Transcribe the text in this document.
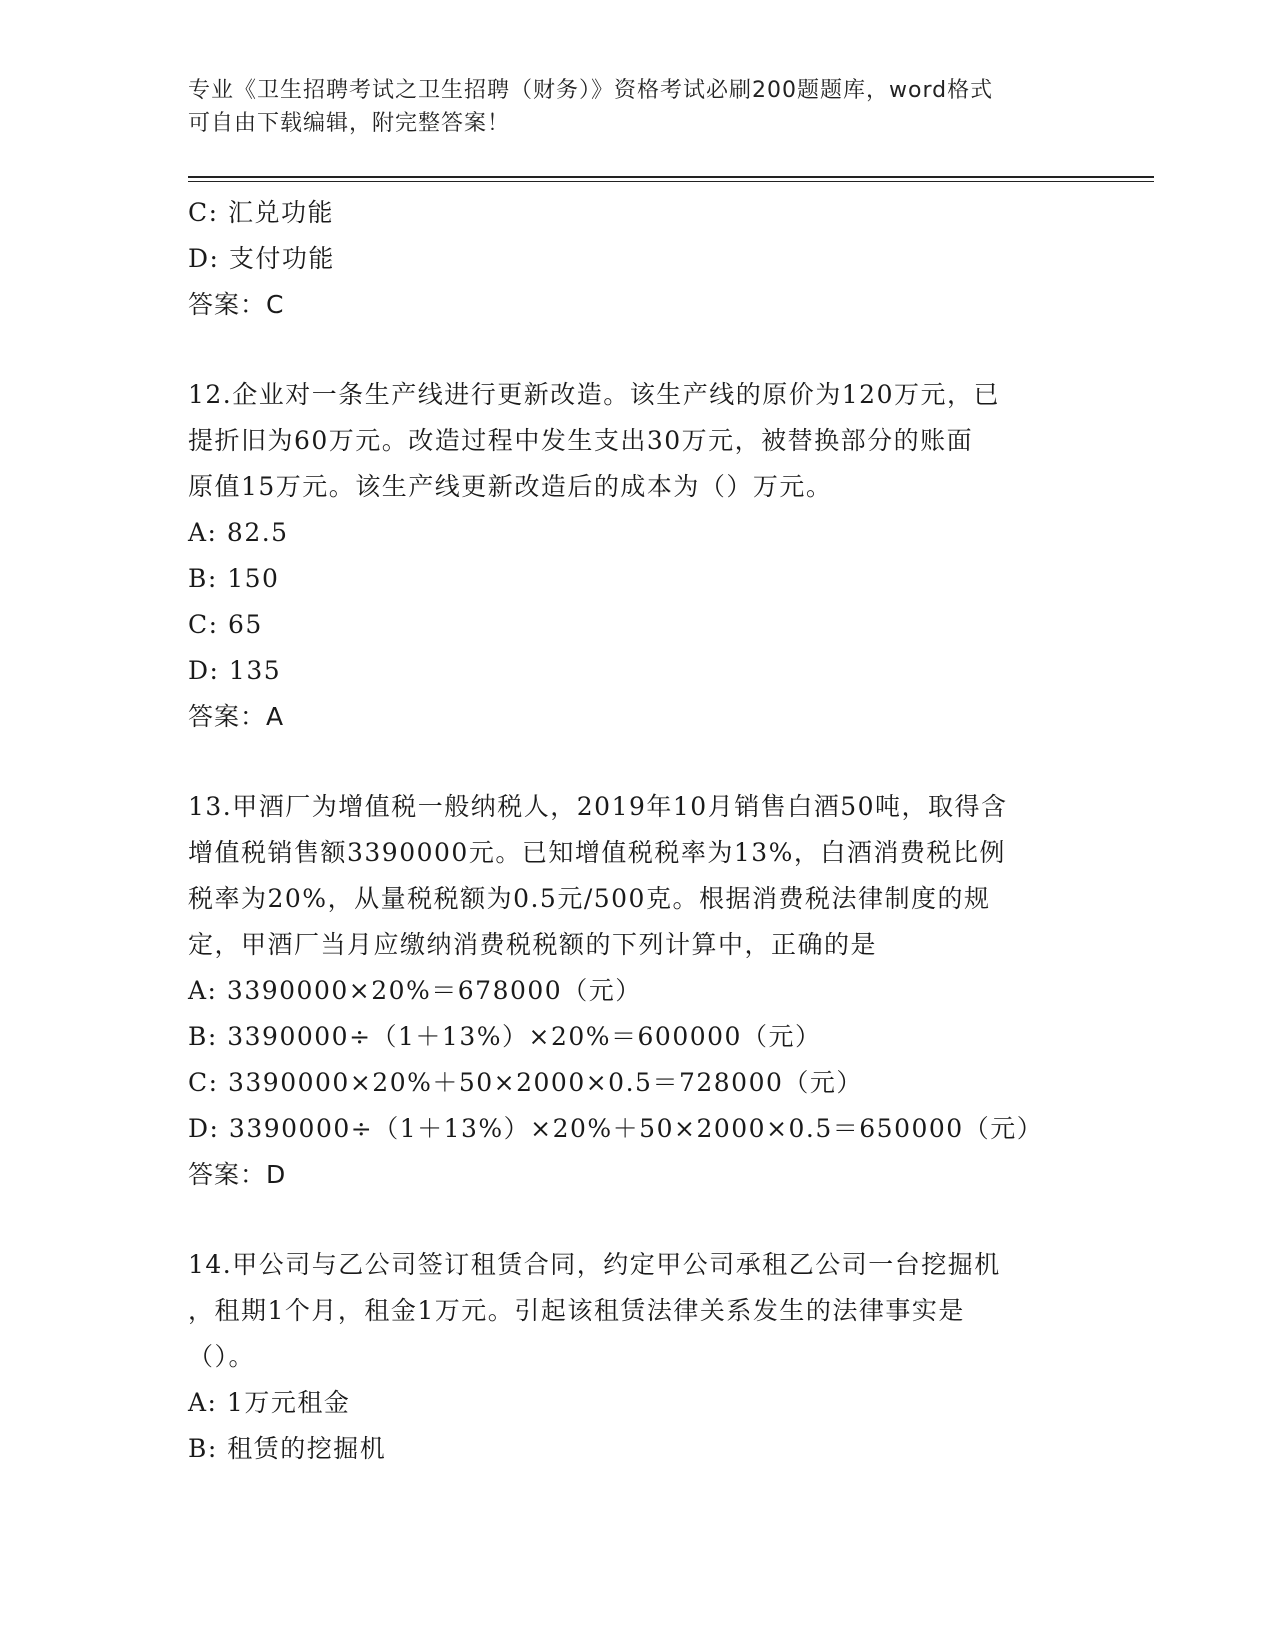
专业《卫生招聘考试之卫生招聘（财务）》资格考试必刷200题题库，word格式
可自由下载编辑，附完整答案！
C: 汇兑功能
D: 支付功能
答案：C
12.企业对一条生产线进行更新改造。该生产线的原价为120万元，已
提折旧为60万元。改造过程中发生支出30万元，被替换部分的账面
原值15万元。该生产线更新改造后的成本为（）万元。
A: 82.5
B: 150
C: 65
D: 135
答案：A
13.甲酒厂为增值税一般纳税人，2019年10月销售白酒50吨，取得含
增值税销售额3390000元。已知增值税税率为13%，白酒消费税比例
税率为20%，从量税税额为0.5元/500克。根据消费税法律制度的规
定，甲酒厂当月应缴纳消费税税额的下列计算中，正确的是
A: 3390000×20%＝678000（元）
B: 3390000÷（1＋13%）×20%＝600000（元）
C: 3390000×20%＋50×2000×0.5＝728000（元）
D: 3390000÷（1＋13%）×20%＋50×2000×0.5＝650000（元）
答案：D
14.甲公司与乙公司签订租赁合同，约定甲公司承租乙公司一台挖掘机
，租期1个月，租金1万元。引起该租赁法律关系发生的法律事实是
（）。
A: 1万元租金
B: 租赁的挖掘机
